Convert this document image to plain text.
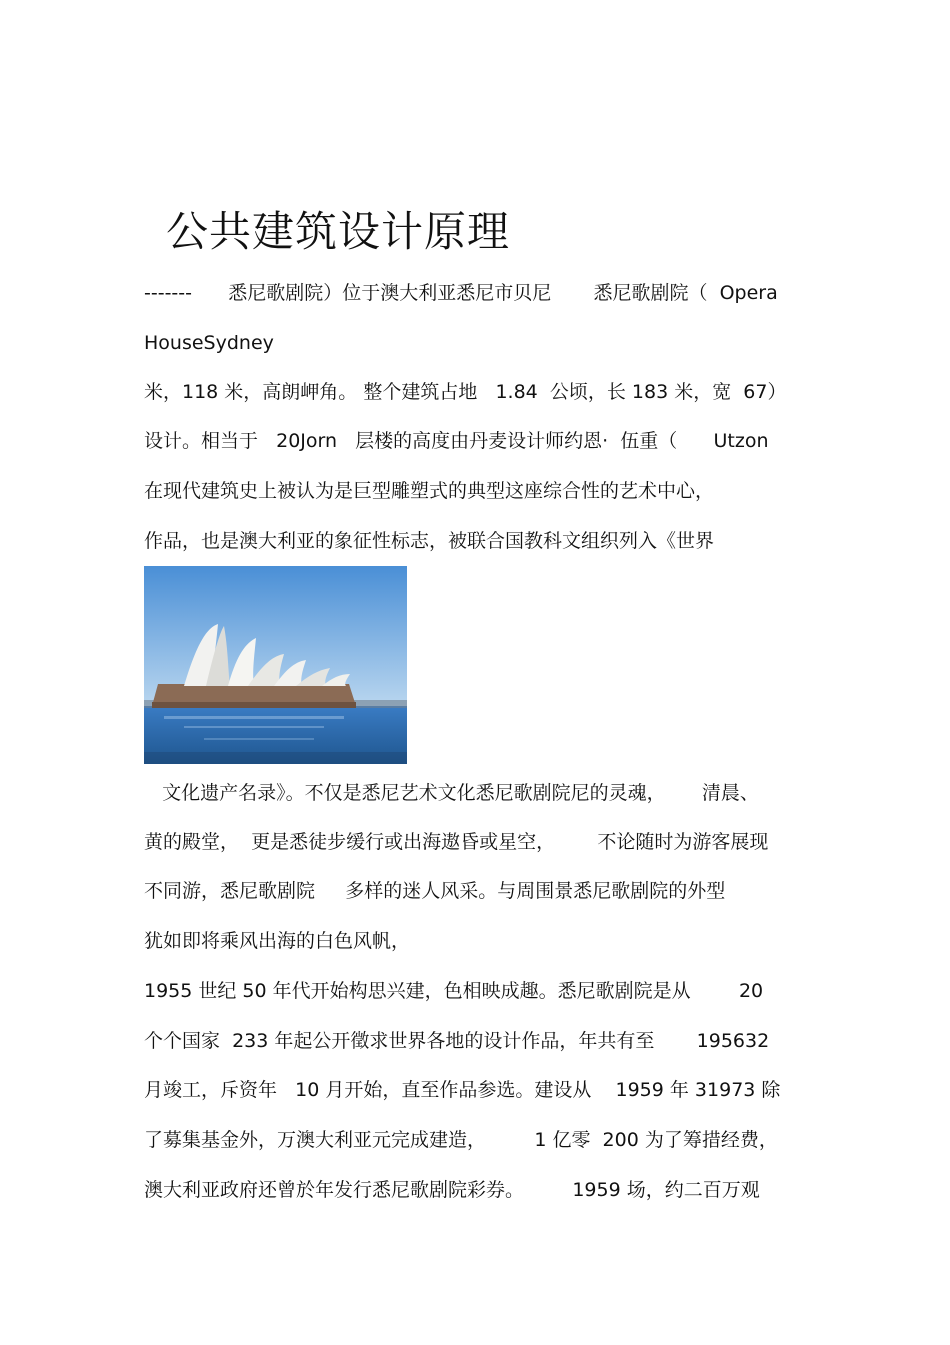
公共建筑设计原理
-------      悉尼歌剧院）位于澳大利亚悉尼市贝尼       悉尼歌剧院（  Opera
HouseSydney
米，118 米，高朗岬角。 整个建筑占地   1.84  公顷，长 183 米，宽  67）
设计。相当于   20Jorn   层楼的高度由丹麦设计师约恩·  伍重（      Utzon
在现代建筑史上被认为是巨型雕塑式的典型这座综合性的艺术中心，
作品，也是澳大利亚的象征性标志，被联合国教科文组织列入《世界
文化遗产名录》。不仅是悉尼艺术文化悉尼歌剧院尼的灵魂，      清晨、
黄的殿堂，  更是悉徒步缓行或出海遨昏或星空，       不论随时为游客展现
不同游，悉尼歌剧院     多样的迷人风采。与周围景悉尼歌剧院的外型
犹如即将乘风出海的白色风帆，
1955 世纪 50 年代开始构思兴建，色相映成趣。悉尼歌剧院是从        20
个个国家  233 年起公开徵求世界各地的设计作品，年共有至       195632
月竣工，斥资年   10 月开始，直至作品参选。建设从    1959 年 31973 除
了募集基金外，万澳大利亚元完成建造，        1 亿零  200 为了筹措经费，
澳大利亚政府还曾於年发行悉尼歌剧院彩券。        1959 场，约二百万观
